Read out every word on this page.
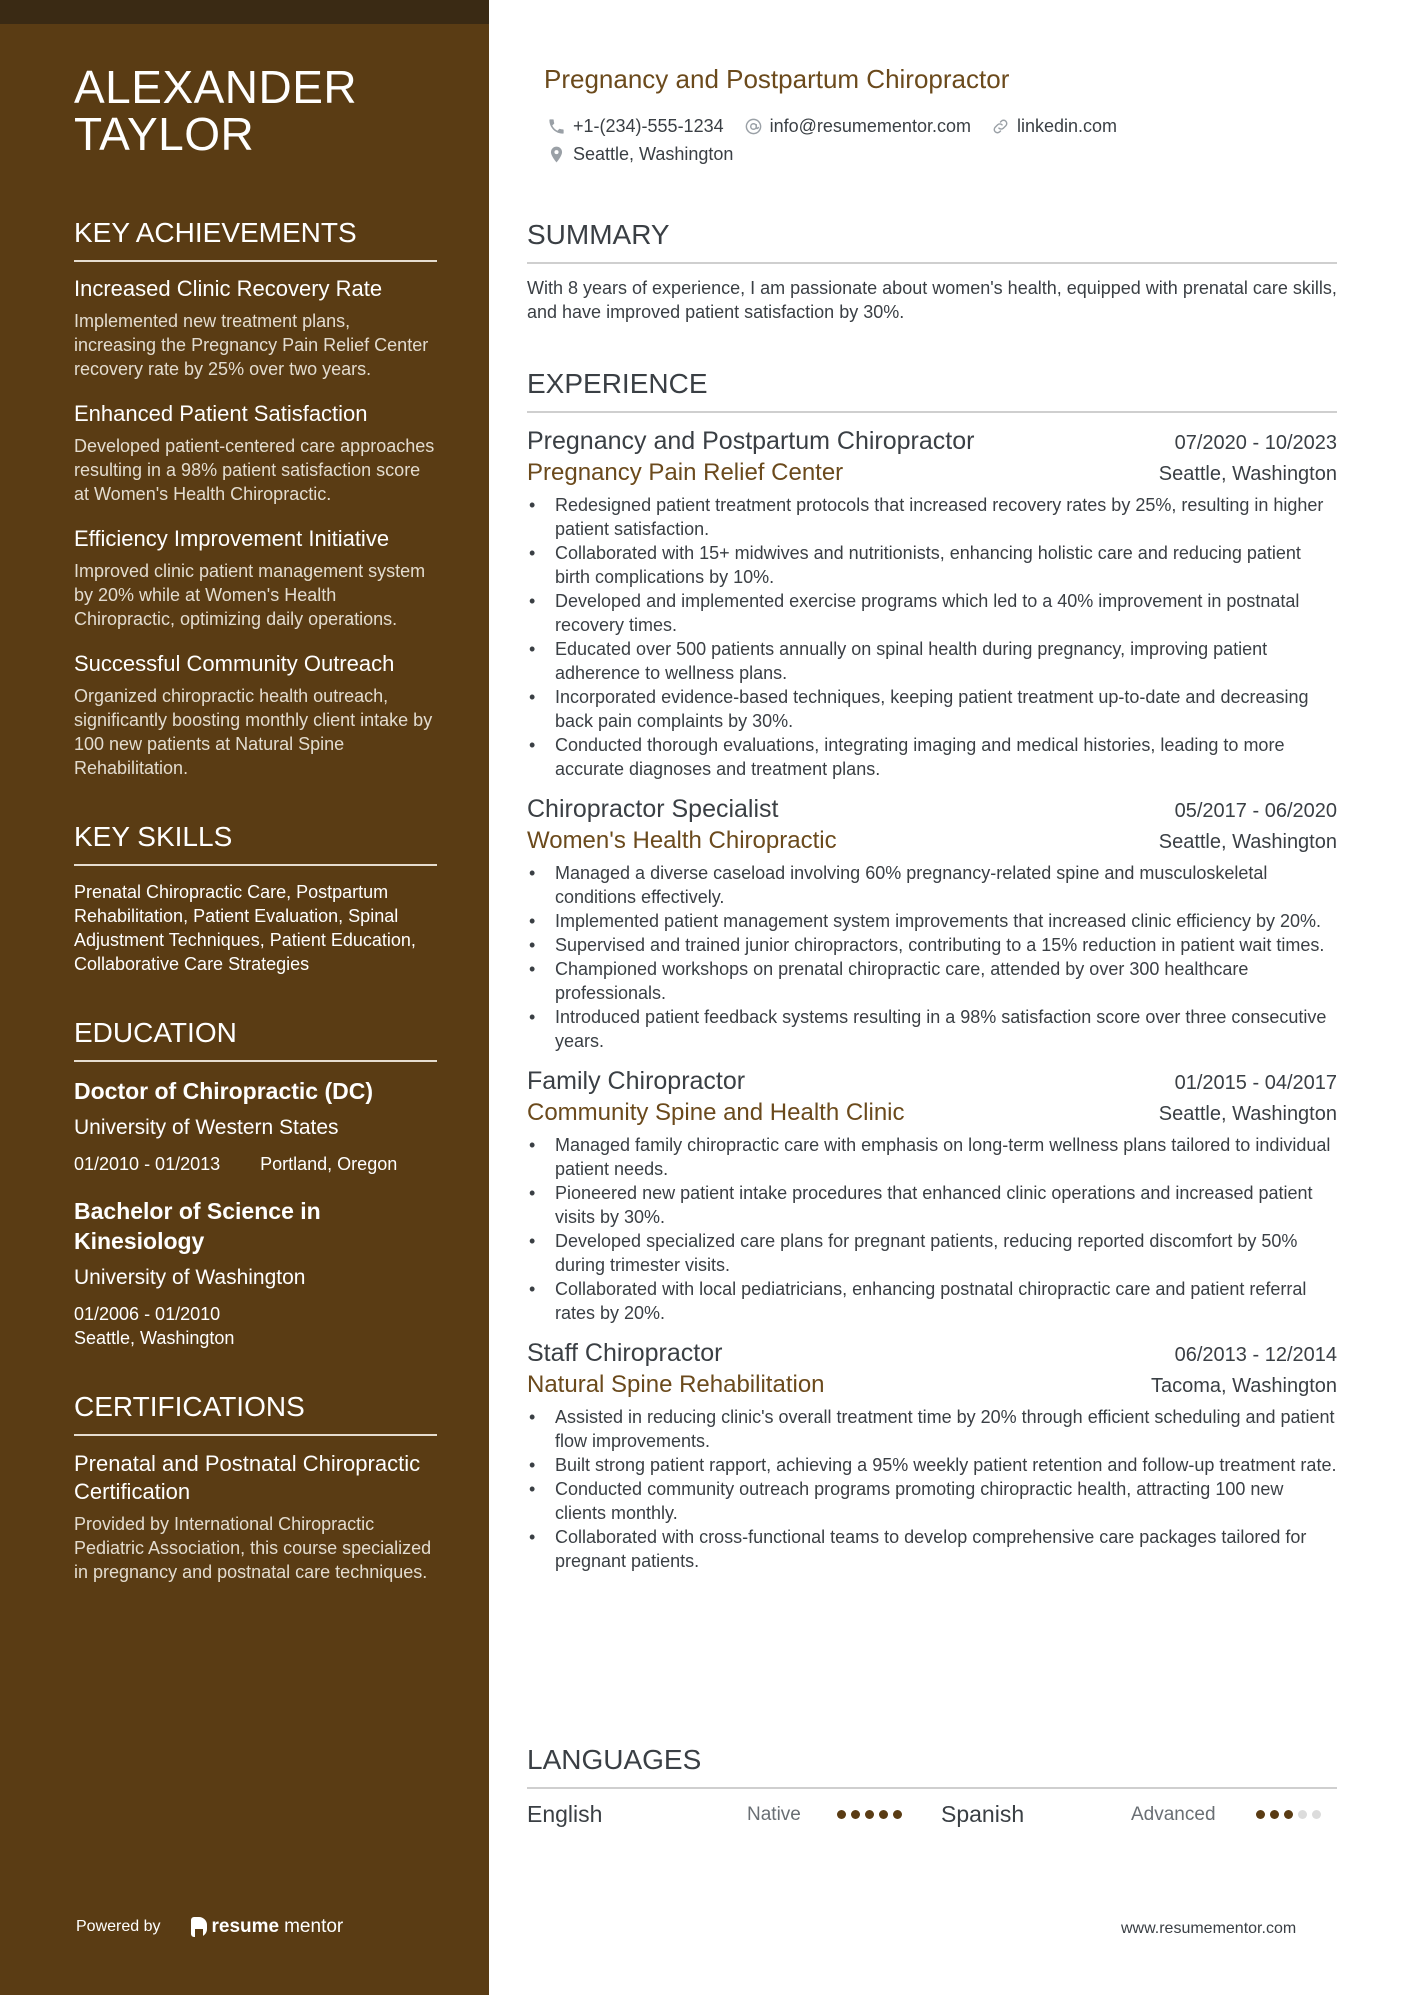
ALEXANDER
TAYLOR
KEY ACHIEVEMENTS
Increased Clinic Recovery Rate
Implemented new treatment plans, increasing the Pregnancy Pain Relief Center recovery rate by 25% over two years.
Enhanced Patient Satisfaction
Developed patient-centered care approaches resulting in a 98% patient satisfaction score at Women's Health Chiropractic.
Efficiency Improvement Initiative
Improved clinic patient management system by 20% while at Women's Health Chiropractic, optimizing daily operations.
Successful Community Outreach
Organized chiropractic health outreach, significantly boosting monthly client intake by 100 new patients at Natural Spine Rehabilitation.
KEY SKILLS
Prenatal Chiropractic Care, Postpartum Rehabilitation, Patient Evaluation, Spinal Adjustment Techniques, Patient Education, Collaborative Care Strategies
EDUCATION
Doctor of Chiropractic (DC)
University of Western States
01/2010 - 01/2013 Portland, Oregon
Bachelor of Science in Kinesiology
University of Washington
01/2006 - 01/2010
Seattle, Washington
CERTIFICATIONS
Prenatal and Postnatal Chiropractic Certification
Provided by International Chiropractic Pediatric Association, this course specialized in pregnancy and postnatal care techniques.
Powered by	resume mentor
Pregnancy and Postpartum Chiropractor
+1-(234)-555-1234	info@resumementor.com	linkedin.com
Seattle, Washington
SUMMARY
With 8 years of experience, I am passionate about women's health, equipped with prenatal care skills, and have improved patient satisfaction by 30%.
EXPERIENCE
Pregnancy and Postpartum Chiropractor	07/2020 - 10/2023
Pregnancy Pain Relief Center	Seattle, Washington
• Redesigned patient treatment protocols that increased recovery rates by 25%, resulting in higher patient satisfaction.
• Collaborated with 15+ midwives and nutritionists, enhancing holistic care and reducing patient birth complications by 10%.
• Developed and implemented exercise programs which led to a 40% improvement in postnatal recovery times.
• Educated over 500 patients annually on spinal health during pregnancy, improving patient adherence to wellness plans.
• Incorporated evidence-based techniques, keeping patient treatment up-to-date and decreasing back pain complaints by 30%.
• Conducted thorough evaluations, integrating imaging and medical histories, leading to more accurate diagnoses and treatment plans.
Chiropractor Specialist	05/2017 - 06/2020
Women's Health Chiropractic	Seattle, Washington
• Managed a diverse caseload involving 60% pregnancy-related spine and musculoskeletal conditions effectively.
• Implemented patient management system improvements that increased clinic efficiency by 20%.
• Supervised and trained junior chiropractors, contributing to a 15% reduction in patient wait times.
• Championed workshops on prenatal chiropractic care, attended by over 300 healthcare professionals.
• Introduced patient feedback systems resulting in a 98% satisfaction score over three consecutive years.
Family Chiropractor	01/2015 - 04/2017
Community Spine and Health Clinic	Seattle, Washington
• Managed family chiropractic care with emphasis on long-term wellness plans tailored to individual patient needs.
• Pioneered new patient intake procedures that enhanced clinic operations and increased patient visits by 30%.
• Developed specialized care plans for pregnant patients, reducing reported discomfort by 50% during trimester visits.
• Collaborated with local pediatricians, enhancing postnatal chiropractic care and patient referral rates by 20%.
Staff Chiropractor	06/2013 - 12/2014
Natural Spine Rehabilitation	Tacoma, Washington
• Assisted in reducing clinic's overall treatment time by 20% through efficient scheduling and patient flow improvements.
• Built strong patient rapport, achieving a 95% weekly patient retention and follow-up treatment rate.
• Conducted community outreach programs promoting chiropractic health, attracting 100 new clients monthly.
• Collaborated with cross-functional teams to develop comprehensive care packages tailored for pregnant patients.
LANGUAGES
English	Native	Spanish	Advanced
www.resumementor.com
